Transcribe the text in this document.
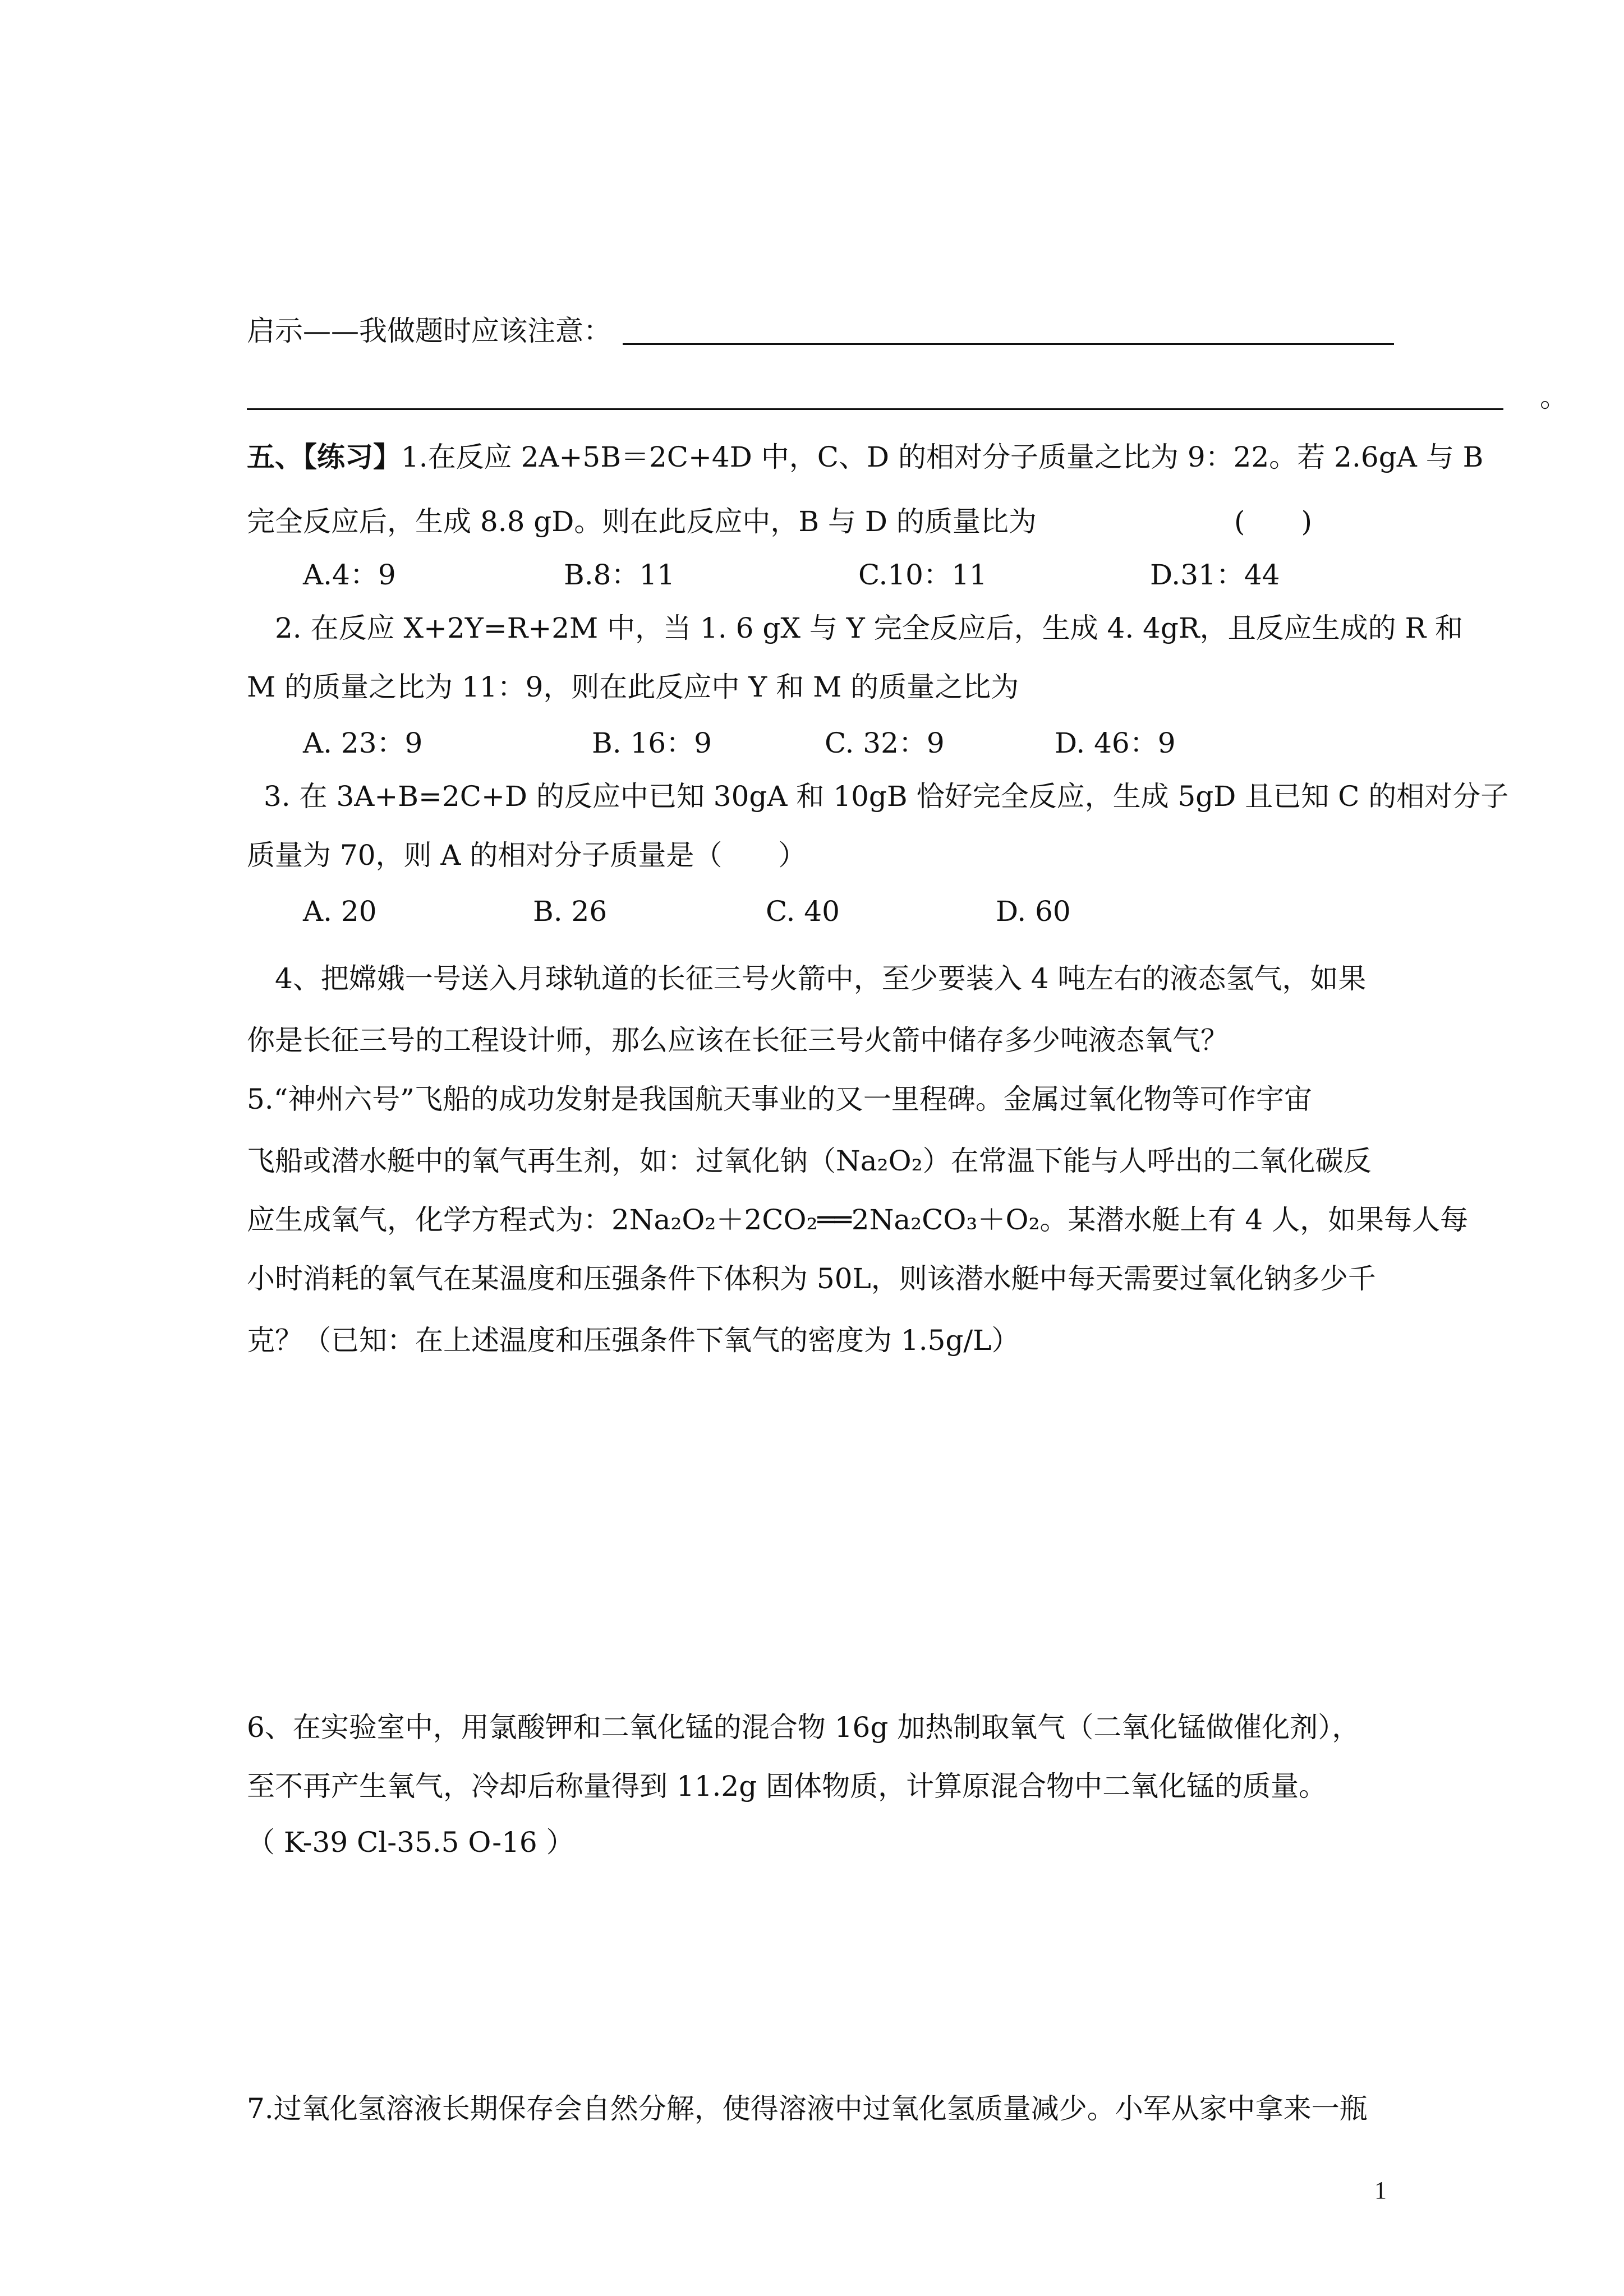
启示——我做题时应该注意：
。
五、【练习】1.在反应 2A+5B＝2C+4D 中，C、D 的相对分子质量之比为 9：22。若 2.6gA 与 B
完全反应后，生成 8.8 gD。则在此反应中，B 与 D 的质量比为	(　　)
A.4：9	B.8：11	C.10：11	D.31：44
2. 在反应 X+2Y=R+2M 中，当 1. 6 gX 与 Y 完全反应后，生成 4. 4gR，且反应生成的 R 和
M 的质量之比为 11：9，则在此反应中 Y 和 M 的质量之比为
A. 23：9	B. 16：9	C. 32：9	D. 46：9
3. 在 3A+B=2C+D 的反应中已知 30gA 和 10gB 恰好完全反应，生成 5gD 且已知 C 的相对分子
质量为 70，则 A 的相对分子质量是（　　）
A. 20	B. 26	C. 40	D. 60
4、把嫦娥一号送入月球轨道的长征三号火箭中，至少要装入 4 吨左右的液态氢气，如果
你是长征三号的工程设计师，那么应该在长征三号火箭中储存多少吨液态氧气？
5.“神州六号”飞船的成功发射是我国航天事业的又一里程碑。金属过氧化物等可作宇宙
飞船或潜水艇中的氧气再生剂，如：过氧化钠（Na₂O₂）在常温下能与人呼出的二氧化碳反
应生成氧气，化学方程式为：2Na₂O₂＋2CO₂══2Na₂CO₃＋O₂。某潜水艇上有 4 人，如果每人每
小时消耗的氧气在某温度和压强条件下体积为 50L，则该潜水艇中每天需要过氧化钠多少千
克？（已知：在上述温度和压强条件下氧气的密度为 1.5g/L）
6、在实验室中，用氯酸钾和二氧化锰的混合物 16g 加热制取氧气（二氧化锰做催化剂），
至不再产生氧气，冷却后称量得到 11.2g 固体物质，计算原混合物中二氧化锰的质量。
（ K-39 Cl-35.5 O-16 ）
7.过氧化氢溶液长期保存会自然分解，使得溶液中过氧化氢质量减少。小军从家中拿来一瓶
1
